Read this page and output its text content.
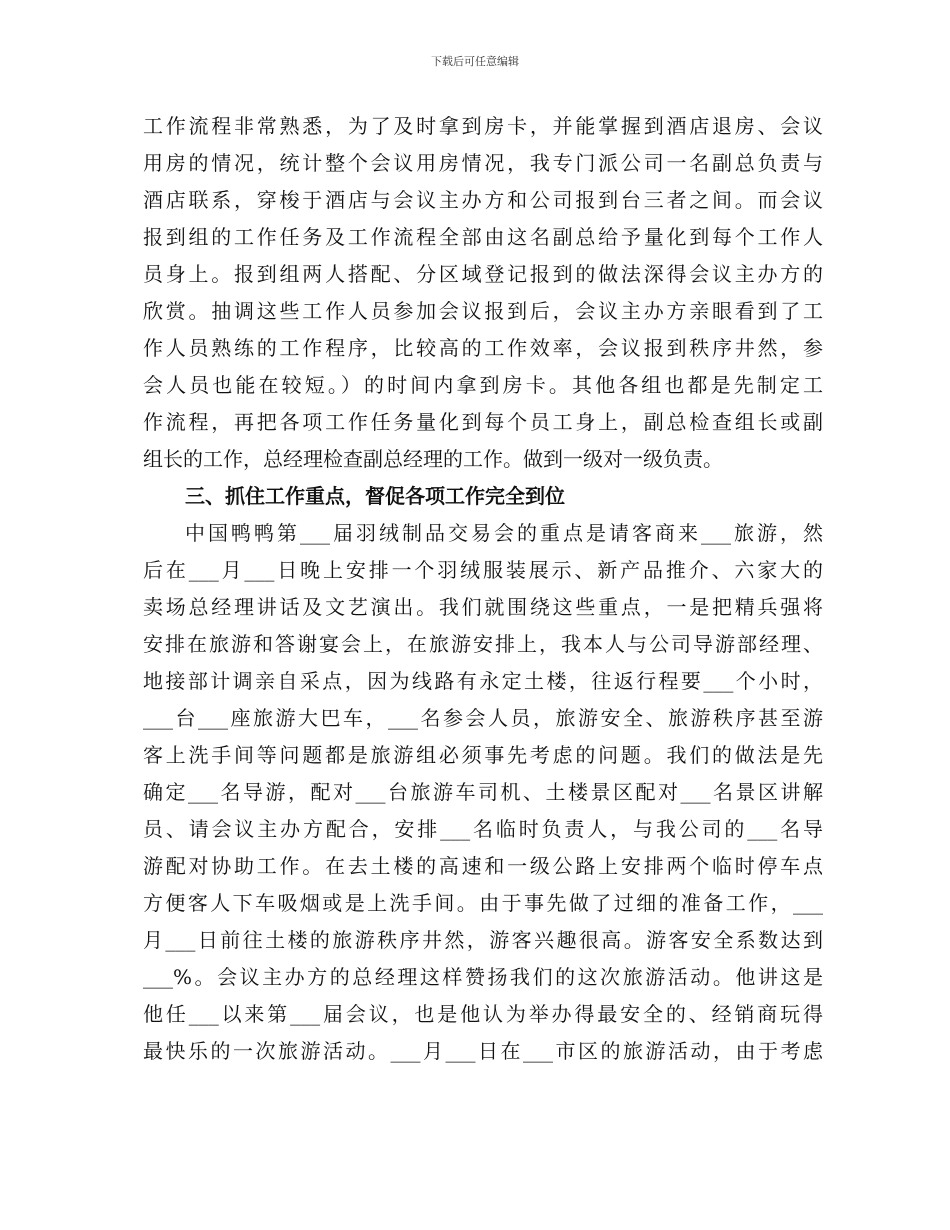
下载后可任意编辑
工作流程非常熟悉，为了及时拿到房卡，并能掌握到酒店退房、会议
用房的情况，统计整个会议用房情况，我专门派公司一名副总负责与
酒店联系，穿梭于酒店与会议主办方和公司报到台三者之间。而会议
报到组的工作任务及工作流程全部由这名副总给予量化到每个工作人
员身上。报到组两人搭配、分区域登记报到的做法深得会议主办方的
欣赏。抽调这些工作人员参加会议报到后，会议主办方亲眼看到了工
作人员熟练的工作程序，比较高的工作效率，会议报到秩序井然，参
会人员也能在较短。）的时间内拿到房卡。其他各组也都是先制定工
作流程，再把各项工作任务量化到每个员工身上，副总检查组长或副
组长的工作，总经理检查副总经理的工作。做到一级对一级负责。
三、抓住工作重点，督促各项工作完全到位
中国鸭鸭第___届羽绒制品交易会的重点是请客商来___旅游，然
后在___月___日晚上安排一个羽绒服装展示、新产品推介、六家大的
卖场总经理讲话及文艺演出。我们就围绕这些重点，一是把精兵强将
安排在旅游和答谢宴会上，在旅游安排上，我本人与公司导游部经理、
地接部计调亲自采点，因为线路有永定土楼，往返行程要___个小时，
___台___座旅游大巴车，___名参会人员，旅游安全、旅游秩序甚至游
客上洗手间等问题都是旅游组必须事先考虑的问题。我们的做法是先
确定___名导游，配对___台旅游车司机、土楼景区配对___名景区讲解
员、请会议主办方配合，安排___名临时负责人，与我公司的___名导
游配对协助工作。在去土楼的高速和一级公路上安排两个临时停车点
方便客人下车吸烟或是上洗手间。由于事先做了过细的准备工作，___
月___日前往土楼的旅游秩序井然，游客兴趣很高。游客安全系数达到
___%。会议主办方的总经理这样赞扬我们的这次旅游活动。他讲这是
他任___以来第___届会议，也是他认为举办得最安全的、经销商玩得
最快乐的一次旅游活动。___月___日在___市区的旅游活动，由于考虑
